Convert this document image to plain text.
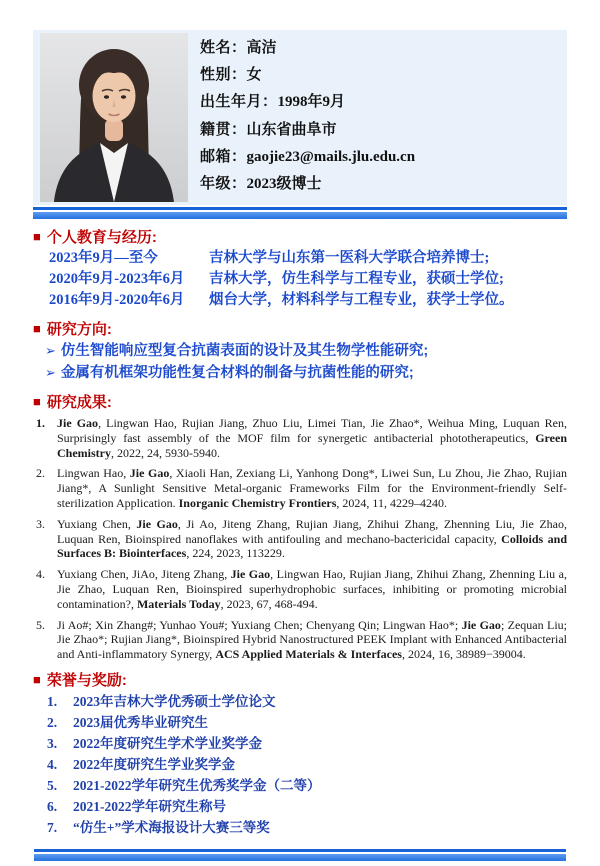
姓名：高洁
性别：女
出生年月：1998年9月
籍贯：山东省曲阜市
邮箱：gaojie23@mails.jlu.edu.cn
年级：2023级博士
■ 个人教育与经历:
2023年9月—至今	吉林大学与山东第一医科大学联合培养博士;
2020年9月-2023年6月	吉林大学，仿生科学与工程专业，获硕士学位;
2016年9月-2020年6月	烟台大学，材料科学与工程专业，获学士学位。
■ 研究方向:
➢ 仿生智能响应型复合抗菌表面的设计及其生物学性能研究;
➢ 金属有机框架功能性复合材料的制备与抗菌性能的研究;
■ 研究成果:
1.	Jie Gao, Lingwan Hao, Rujian Jiang, Zhuo Liu, Limei Tian, Jie Zhao*, Weihua Ming, Luquan Ren, Surprisingly fast assembly of the MOF film for synergetic antibacterial phototherapeutics, Green Chemistry, 2022, 24, 5930-5940.
2.	Lingwan Hao, Jie Gao, Xiaoli Han, Zexiang Li, Yanhong Dong*, Liwei Sun, Lu Zhou, Jie Zhao, Rujian Jiang*, A Sunlight Sensitive Metal-organic Frameworks Film for the Environment-friendly Self-sterilization Application. Inorganic Chemistry Frontiers, 2024, 11, 4229–4240.
3.	Yuxiang Chen, Jie Gao, Ji Ao, Jiteng Zhang, Rujian Jiang, Zhihui Zhang, Zhenning Liu, Jie Zhao, Luquan Ren, Bioinspired nanoflakes with antifouling and mechano-bactericidal capacity, Colloids and Surfaces B: Biointerfaces, 224, 2023, 113229.
4.	Yuxiang Chen, JiAo, Jiteng Zhang, Jie Gao, Lingwan Hao, Rujian Jiang, Zhihui Zhang, Zhenning Liu a, Jie Zhao, Luquan Ren, Bioinspired superhydrophobic surfaces, inhibiting or promoting microbial contamination?, Materials Today, 2023, 67, 468-494.
5.	Ji Ao#; Xin Zhang#; Yunhao You#; Yuxiang Chen; Chenyang Qin; Lingwan Hao*; Jie Gao; Zequan Liu; Jie Zhao*; Rujian Jiang*, Bioinspired Hybrid Nanostructured PEEK Implant with Enhanced Antibacterial and Anti-inflammatory Synergy, ACS Applied Materials & Interfaces, 2024, 16, 38989−39004.
■ 荣誉与奖励:
1.	2023年吉林大学优秀硕士学位论文
2.	2023届优秀毕业研究生
3.	2022年度研究生学术学业奖学金
4.	2022年度研究生学业奖学金
5.	2021-2022学年研究生优秀奖学金（二等）
6.	2021-2022学年研究生称号
7.	“仿生+”学术海报设计大赛三等奖
